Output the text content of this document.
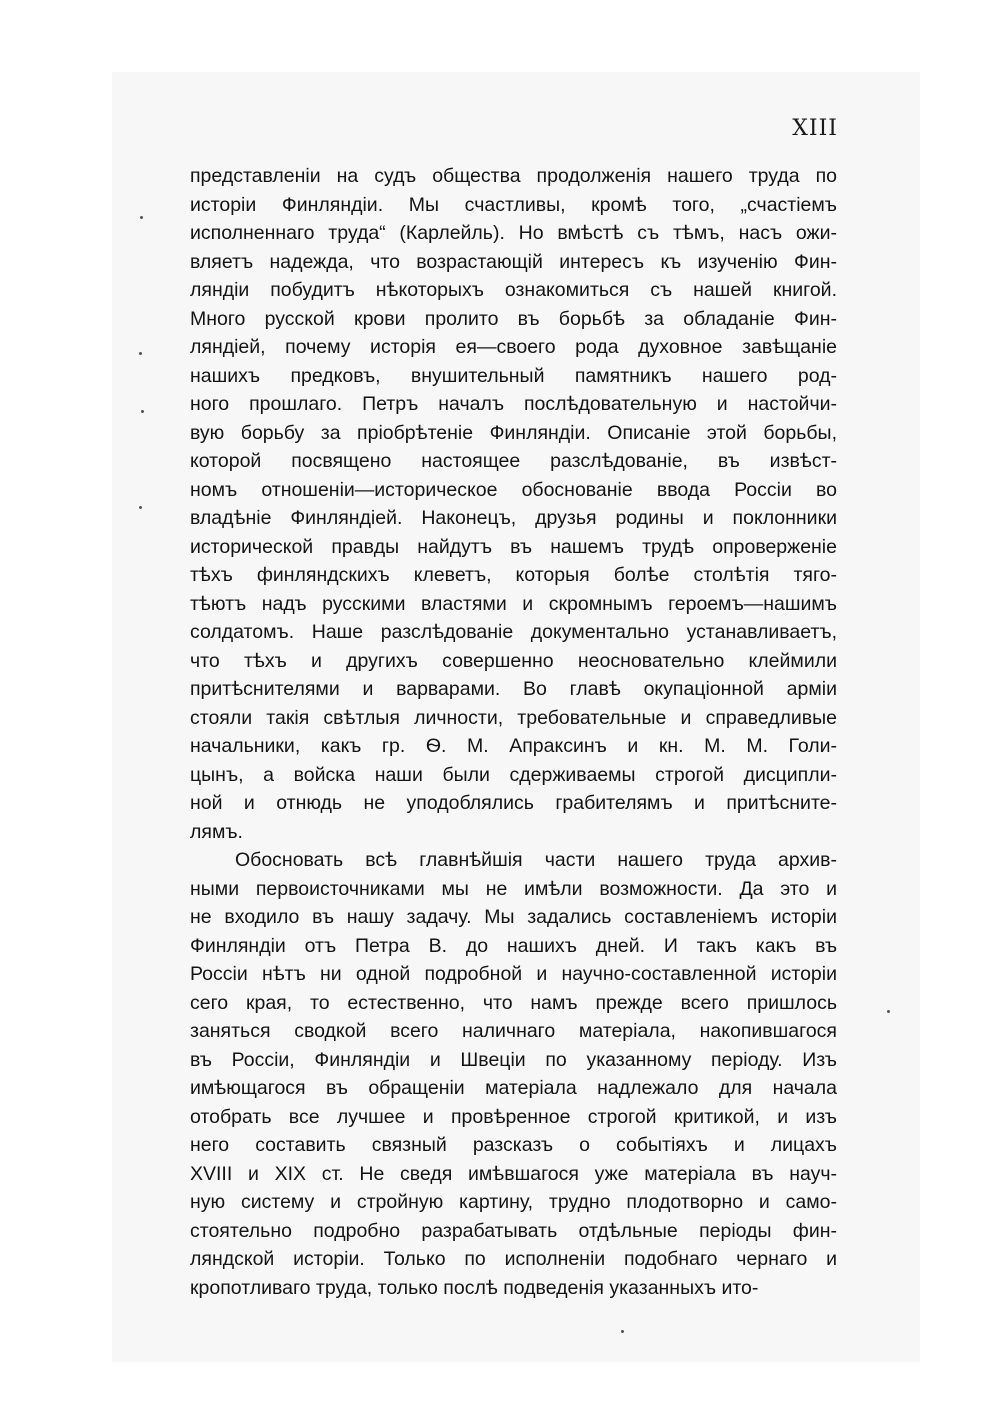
XIII
представленіи на судъ общества продолженія нашего труда по
исторіи Финляндіи. Мы счастливы, кромѣ того, „счастіемъ
исполненнаго труда“ (Карлейль). Но вмѣстѣ съ тѣмъ, насъ ожи-
вляетъ надежда, что возрастающій интересъ къ изученію Фин-
ляндіи побудитъ нѣкоторыхъ ознакомиться съ нашей книгой.
Много русской крови пролито въ борьбѣ за обладаніе Фин-
ляндіей, почему исторія ея—своего рода духовное завѣщаніе
нашихъ предковъ, внушительный памятникъ нашего род-
ного прошлаго. Петръ началъ послѣдовательную и настойчи-
вую борьбу за пріобрѣтеніе Финляндіи. Описаніе этой борьбы,
которой посвящено настоящее разслѣдованіе, въ извѣст-
номъ отношеніи—историческое обоснованіе ввода Россіи во
владѣніе Финляндіей. Наконецъ, друзья родины и поклонники
исторической правды найдутъ въ нашемъ трудѣ опроверженіе
тѣхъ финляндскихъ клеветъ, которыя болѣе столѣтія тяго-
тѣютъ надъ русскими властями и скромнымъ героемъ—нашимъ
солдатомъ. Наше разслѣдованіе документально устанавливаетъ,
что тѣхъ и другихъ совершенно неосновательно клеймили
притѣснителями и варварами. Во главѣ окупаціонной арміи
стояли такія свѣтлыя личности, требовательные и справедливые
начальники, какъ гр. Ѳ. М. Апраксинъ и кн. М. М. Голи-
цынъ, а войска наши были сдерживаемы строгой дисципли-
ной и отнюдь не уподоблялись грабителямъ и притѣсните-
лямъ.
Обосновать всѣ главнѣйшія части нашего труда архив-
ными первоисточниками мы не имѣли возможности. Да это и
не входило въ нашу задачу. Мы задались составленіемъ исторіи
Финляндіи отъ Петра В. до нашихъ дней. И такъ какъ въ
Россіи нѣтъ ни одной подробной и научно-составленной исторіи
сего края, то естественно, что намъ прежде всего пришлось
заняться сводкой всего наличнаго матеріала, накопившагося
въ Россіи, Финляндіи и Швеціи по указанному періоду. Изъ
имѣющагося въ обращеніи матеріала надлежало для начала
отобрать все лучшее и провѣренное строгой критикой, и изъ
него составить связный разсказъ о событіяхъ и лицахъ
XVIII и XIX ст. Не сведя имѣвшагося уже матеріала въ науч-
ную систему и стройную картину, трудно плодотворно и само-
стоятельно подробно разрабатывать отдѣльные періоды фин-
ляндской исторіи. Только по исполненіи подобнаго чернаго и
кропотливаго труда, только послѣ подведенія указанныхъ ито-
